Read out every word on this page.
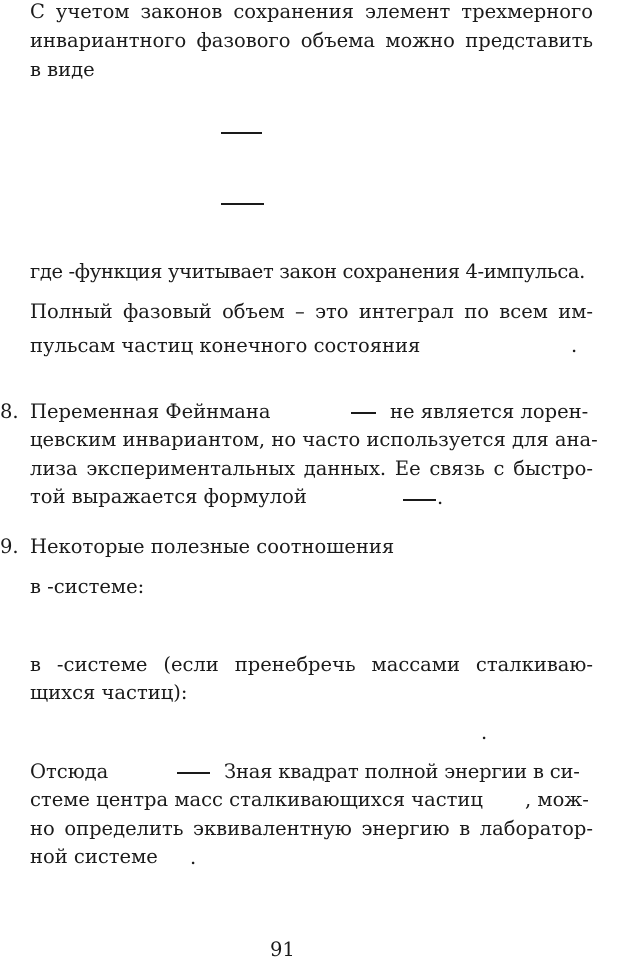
С учетом законов сохранения элемент трехмерного
инвариантного фазового объема можно представить
в виде
где -функция учитывает закон сохранения 4-импульса.
Полный фазовый объем – это интеграл по всем им-
пульсам частиц конечного состояния	.
8. Переменная Фейнмана	не является лорен-
цевским инвариантом, но часто используется для ана-
лиза экспериментальных данных. Ее связь с быстро-
той выражается формулой	.
9. Некоторые полезные соотношения
в -системе:
в -системе (если пренебречь массами сталкиваю-
щихся частиц):
.
Отсюда	Зная квадрат полной энергии в си-
стеме центра масс сталкивающихся частиц , мож-
но определить эквивалентную энергию в лаборатор-
ной системе .
91
